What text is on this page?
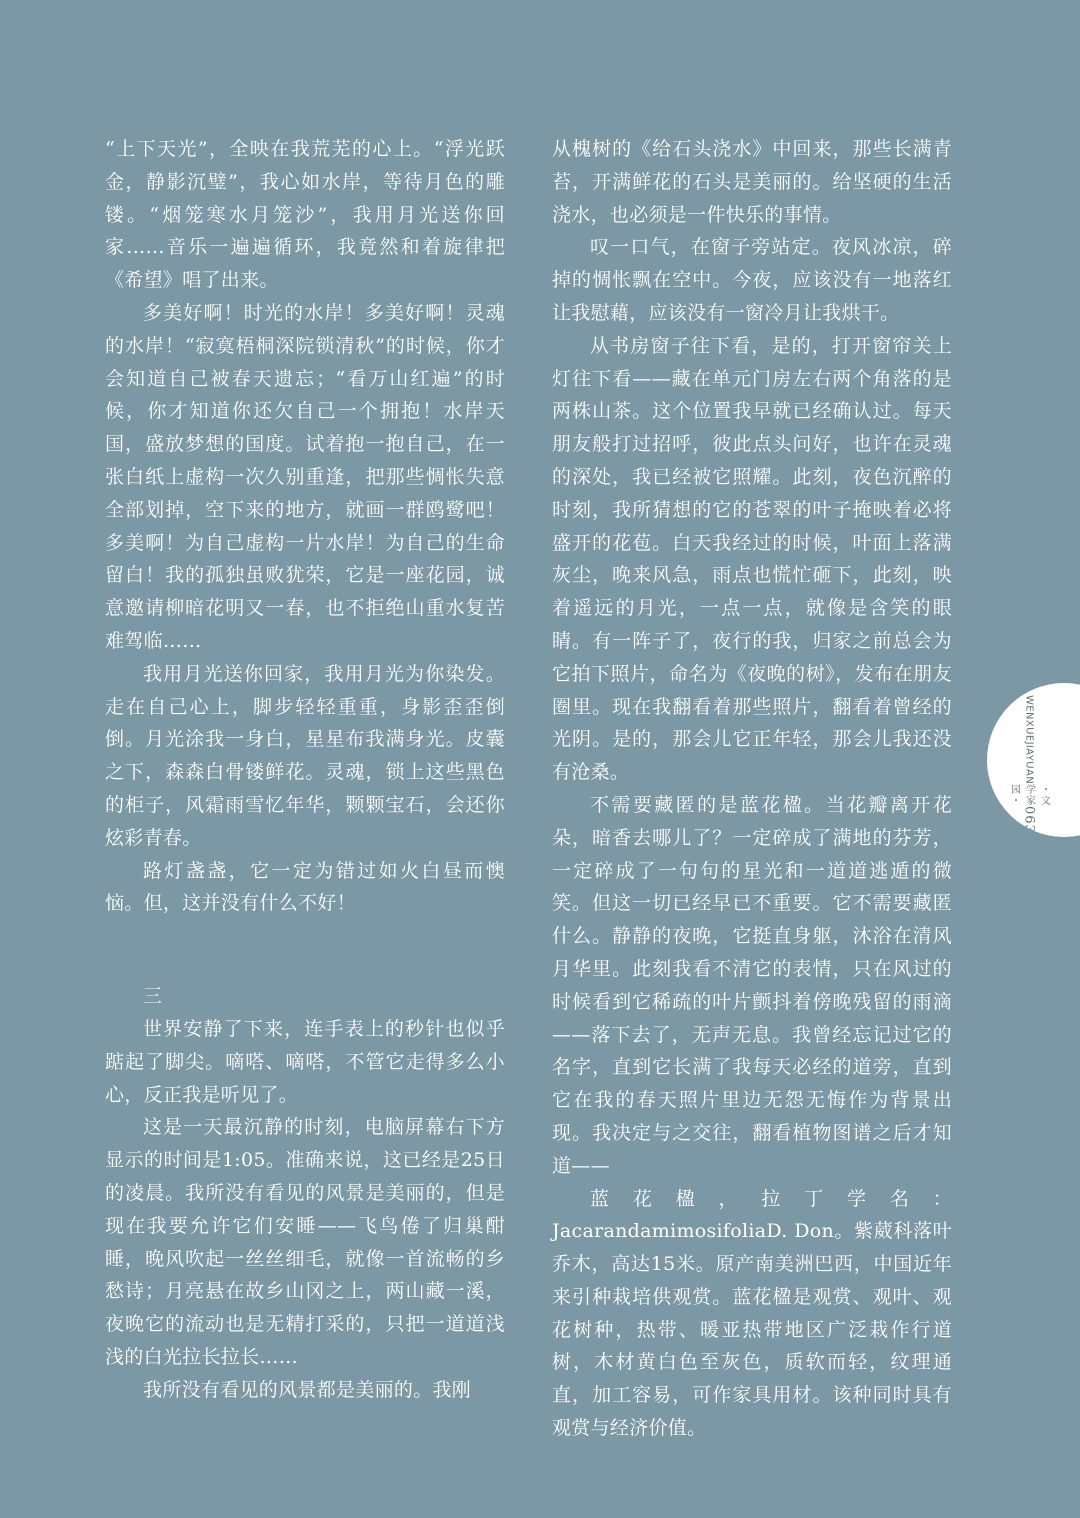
“上下天光”，全映在我荒芜的心上。“浮光跃金，静影沉璧”，我心如水岸，等待月色的雕镂。“烟笼寒水月笼沙”，我用月光送你回家……音乐一遍遍循环，我竟然和着旋律把《希望》唱了出来。

多美好啊！时光的水岸！多美好啊！灵魂的水岸！“寂寞梧桐深院锁清秋”的时候，你才会知道自己被春天遗忘；“看万山红遍”的时候，你才知道你还欠自己一个拥抱！水岸天国，盛放梦想的国度。试着抱一抱自己，在一张白纸上虚构一次久别重逢，把那些惆怅失意全部划掉，空下来的地方，就画一群鸥鹭吧！多美啊！为自己虚构一片水岸！为自己的生命留白！我的孤独虽败犹荣，它是一座花园，诚意邀请柳暗花明又一春，也不拒绝山重水复苦难驾临……

我用月光送你回家，我用月光为你染发。走在自己心上，脚步轻轻重重，身影歪歪倒倒。月光涂我一身白，星星布我满身光。皮囊之下，森森白骨镂鲜花。灵魂，锁上这些黑色的柜子，风霜雨雪忆年华，颗颗宝石，会还你炫彩青春。

路灯盏盏，它一定为错过如火白昼而懊恼。但，这并没有什么不好！

三

世界安静了下来，连手表上的秒针也似乎踮起了脚尖。嘀嗒、嘀嗒，不管它走得多么小心，反正我是听见了。

这是一天最沉静的时刻，电脑屏幕右下方显示的时间是1:05。准确来说，这已经是25日的凌晨。我所没有看见的风景是美丽的，但是现在我要允许它们安睡——飞鸟倦了归巢酣睡，晚风吹起一丝丝细毛，就像一首流畅的乡愁诗；月亮悬在故乡山冈之上，两山藏一溪，夜晚它的流动也是无精打采的，只把一道道浅浅的白光拉长拉长……

我所没有看见的风景都是美丽的。我刚

从槐树的《给石头浇水》中回来，那些长满青苔，开满鲜花的石头是美丽的。给坚硬的生活浇水，也必须是一件快乐的事情。

叹一口气，在窗子旁站定。夜风冰凉，碎掉的惆怅飘在空中。今夜，应该没有一地落红让我慰藉，应该没有一窗冷月让我烘干。

从书房窗子往下看，是的，打开窗帘关上灯往下看——藏在单元门房左右两个角落的是两株山茶。这个位置我早就已经确认过。每天朋友般打过招呼，彼此点头问好，也许在灵魂的深处，我已经被它照耀。此刻，夜色沉醉的时刻，我所猜想的它的苍翠的叶子掩映着必将盛开的花苞。白天我经过的时候，叶面上落满灰尘，晚来风急，雨点也慌忙砸下，此刻，映着遥远的月光，一点一点，就像是含笑的眼睛。有一阵子了，夜行的我，归家之前总会为它拍下照片，命名为《夜晚的树》，发布在朋友圈里。现在我翻看着那些照片，翻看着曾经的光阴。是的，那会儿它正年轻，那会儿我还没有沧桑。

不需要藏匿的是蓝花楹。当花瓣离开花朵，暗香去哪儿了？一定碎成了满地的芬芳，一定碎成了一句句的星光和一道道逃遁的微笑。但这一切已经早已不重要。它不需要藏匿什么。静静的夜晚，它挺直身躯，沐浴在清风月华里。此刻我看不清它的表情，只在风过的时候看到它稀疏的叶片颤抖着傍晚残留的雨滴——落下去了，无声无息。我曾经忘记过它的名字，直到它长满了我每天必经的道旁，直到它在我的春天照片里边无怨无悔作为背景出现。我决定与之交往，翻看植物图谱之后才知道——

蓝花楹，拉丁学名：JacarandamimosifoliaD. Don。紫葳科落叶乔木，高达15米。原产南美洲巴西，中国近年来引种栽培供观赏。蓝花楹是观赏、观叶、观花树种，热带、暖亚热带地区广泛栽作行道树，木材黄白色至灰色，质软而轻，纹理通直，加工容易，可作家具用材。该种同时具有观赏与经济价值。

WENXUEJIAYUAN
・文学家园・
063
